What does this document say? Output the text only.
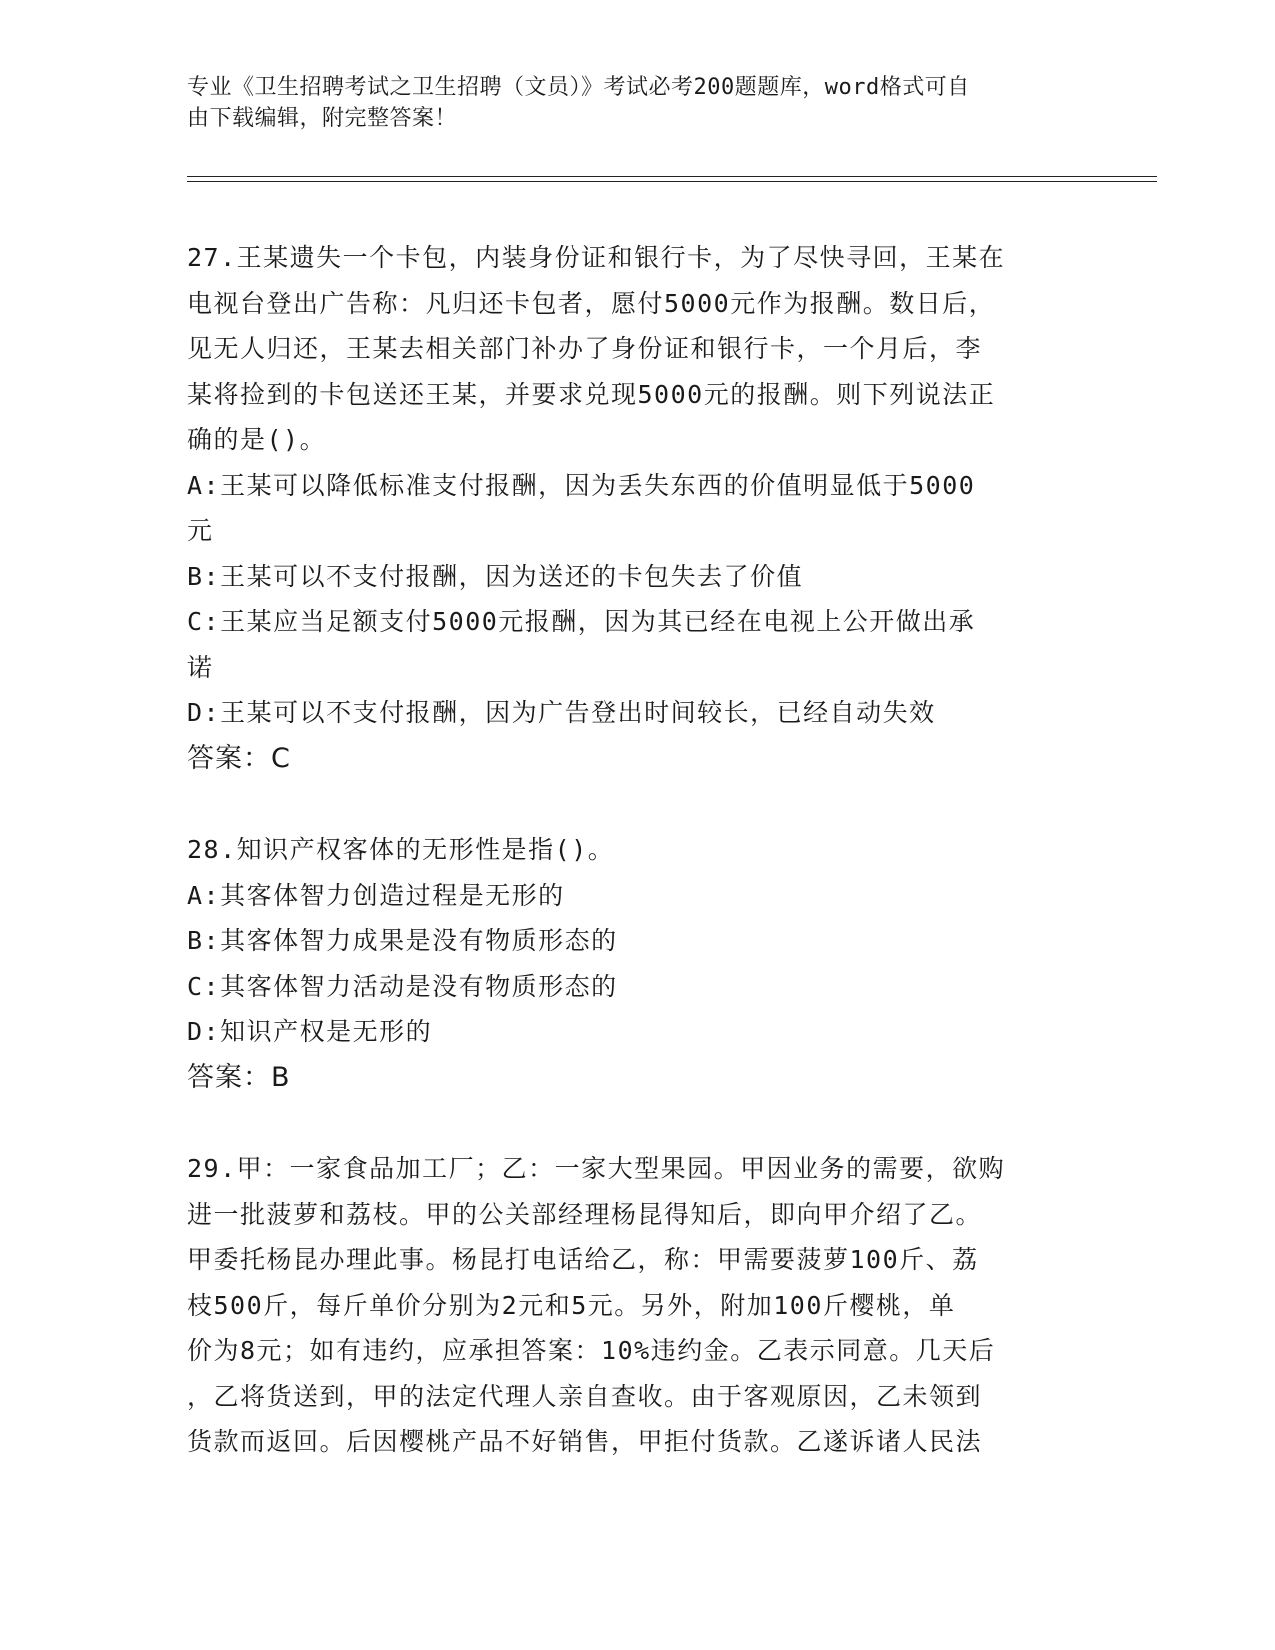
专业《卫生招聘考试之卫生招聘（文员）》考试必考200题题库，word格式可自
由下载编辑，附完整答案！
27.王某遗失一个卡包，内装身份证和银行卡，为了尽快寻回，王某在
电视台登出广告称：凡归还卡包者，愿付5000元作为报酬。数日后，
见无人归还，王某去相关部门补办了身份证和银行卡，一个月后，李
某将捡到的卡包送还王某，并要求兑现5000元的报酬。则下列说法正
确的是()。
A:王某可以降低标准支付报酬，因为丢失东西的价值明显低于5000
元
B:王某可以不支付报酬，因为送还的卡包失去了价值
C:王某应当足额支付5000元报酬，因为其已经在电视上公开做出承
诺
D:王某可以不支付报酬，因为广告登出时间较长，已经自动失效
答案：C
28.知识产权客体的无形性是指()。
A:其客体智力创造过程是无形的
B:其客体智力成果是没有物质形态的
C:其客体智力活动是没有物质形态的
D:知识产权是无形的
答案：B
29.甲：一家食品加工厂；乙：一家大型果园。甲因业务的需要，欲购
进一批菠萝和荔枝。甲的公关部经理杨昆得知后，即向甲介绍了乙。
甲委托杨昆办理此事。杨昆打电话给乙，称：甲需要菠萝100斤、荔
枝500斤，每斤单价分别为2元和5元。另外，附加100斤樱桃，单
价为8元；如有违约，应承担答案：10%违约金。乙表示同意。几天后
，乙将货送到，甲的法定代理人亲自查收。由于客观原因，乙未领到
货款而返回。后因樱桃产品不好销售，甲拒付货款。乙遂诉诸人民法
